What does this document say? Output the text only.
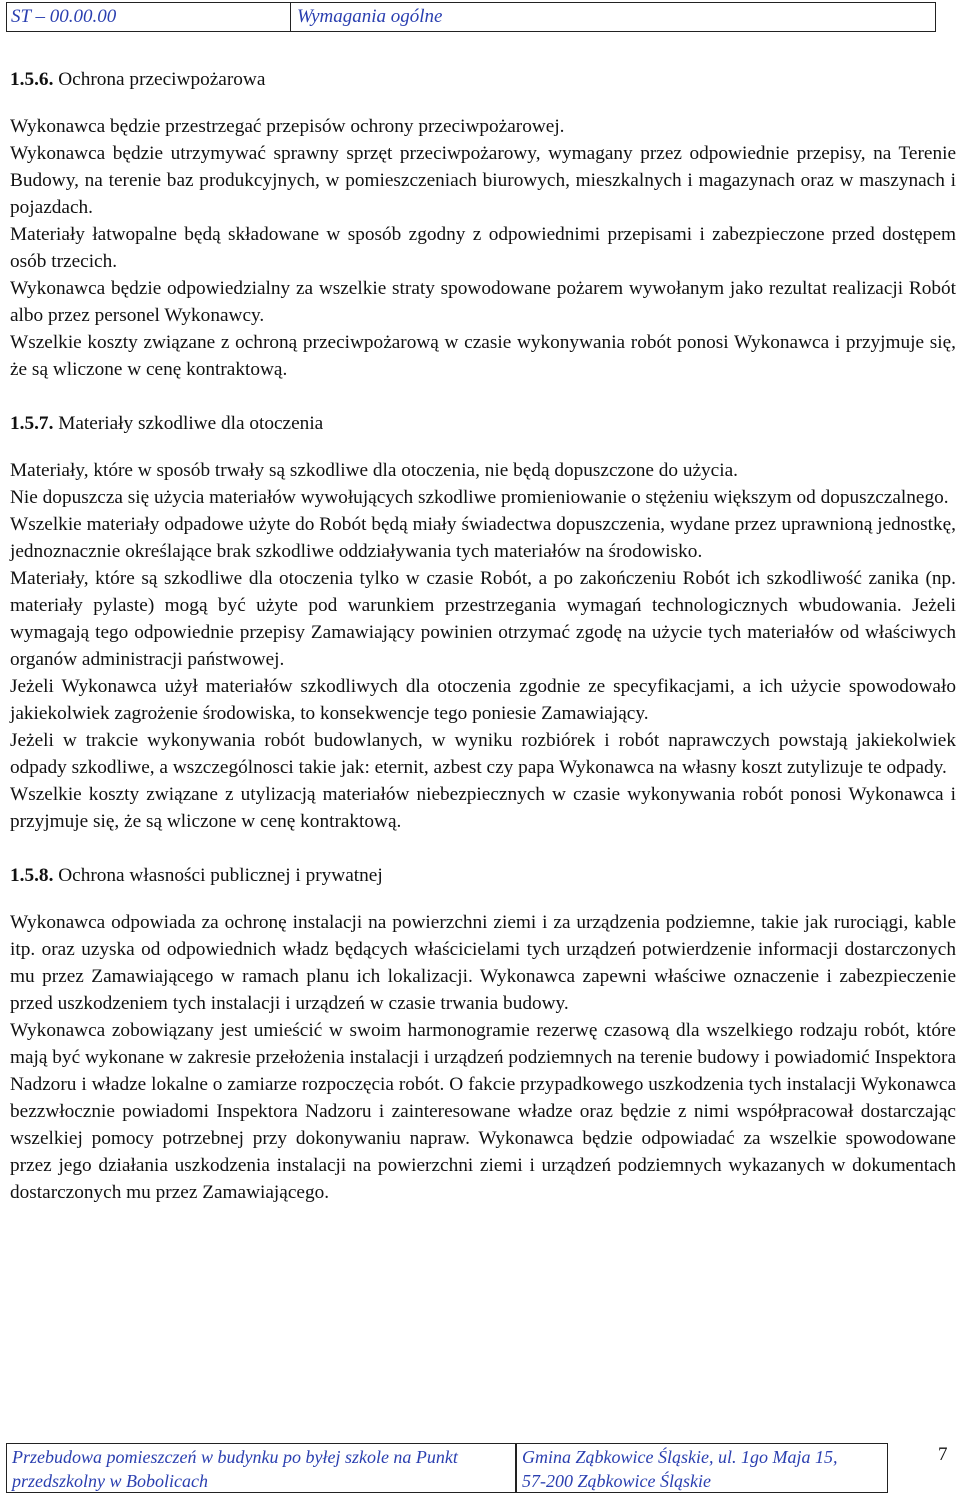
ST – 00.00.00	Wymagania ogólne

1.5.6. Ochrona przeciwpożarowa

Wykonawca będzie przestrzegać przepisów ochrony przeciwpożarowej.

Wykonawca będzie utrzymywać sprawny sprzęt przeciwpożarowy, wymagany przez odpowiednie przepisy, na Terenie Budowy, na terenie baz produkcyjnych, w pomieszczeniach biurowych, mieszkalnych i magazynach oraz w maszynach i pojazdach.

Materiały łatwopalne będą składowane w sposób zgodny z odpowiednimi przepisami i zabezpieczone przed dostępem osób trzecich.

Wykonawca będzie odpowiedzialny za wszelkie straty spowodowane pożarem wywołanym jako rezultat realizacji Robót albo przez personel Wykonawcy.

Wszelkie koszty związane z ochroną przeciwpożarową w czasie wykonywania robót ponosi Wykonawca i przyjmuje się, że są wliczone w cenę kontraktową.

1.5.7. Materiały szkodliwe dla otoczenia

Materiały, które w sposób trwały są szkodliwe dla otoczenia, nie będą dopuszczone do użycia.

Nie dopuszcza się użycia materiałów wywołujących szkodliwe promieniowanie o stężeniu większym od dopuszczalnego.

Wszelkie materiały odpadowe użyte do Robót będą miały świadectwa dopuszczenia, wydane przez uprawnioną jednostkę, jednoznacznie określające brak szkodliwe oddziaływania tych materiałów na środowisko.

Materiały, które są szkodliwe dla otoczenia tylko w czasie Robót, a po zakończeniu Robót ich szkodliwość zanika (np. materiały pylaste) mogą być użyte pod warunkiem przestrzegania wymagań technologicznych wbudowania. Jeżeli wymagają tego odpowiednie przepisy Zamawiający powinien otrzymać zgodę na użycie tych materiałów od właściwych organów administracji państwowej.

Jeżeli Wykonawca użył materiałów szkodliwych dla otoczenia zgodnie ze specyfikacjami, a ich użycie spowodowało jakiekolwiek zagrożenie środowiska, to konsekwencje tego poniesie Zamawiający.

Jeżeli w trakcie wykonywania robót budowlanych, w wyniku rozbiórek i robót naprawczych powstają jakiekolwiek odpady szkodliwe, a wszczególnosci takie jak: eternit, azbest czy papa Wykonawca na własny koszt zutylizuje te odpady.

Wszelkie koszty związane z utylizacją materiałów niebezpiecznych w czasie wykonywania robót ponosi Wykonawca i przyjmuje się, że są wliczone w cenę kontraktową.

1.5.8. Ochrona własności publicznej i prywatnej

Wykonawca odpowiada za ochronę instalacji na powierzchni ziemi i za urządzenia podziemne, takie jak rurociągi, kable itp. oraz uzyska od odpowiednich władz będących właścicielami tych urządzeń potwierdzenie informacji dostarczonych mu przez Zamawiającego w ramach planu ich lokalizacji. Wykonawca zapewni właściwe oznaczenie i zabezpieczenie przed uszkodzeniem tych instalacji i urządzeń w czasie trwania budowy.

Wykonawca zobowiązany jest umieścić w swoim harmonogramie rezerwę czasową dla wszelkiego rodzaju robót, które mają być wykonane w zakresie przełożenia instalacji i urządzeń podziemnych na terenie budowy i powiadomić Inspektora Nadzoru i władze lokalne o zamiarze rozpoczęcia robót. O fakcie przypadkowego uszkodzenia tych instalacji Wykonawca bezzwłocznie powiadomi Inspektora Nadzoru i zainteresowane władze oraz będzie z nimi współpracował dostarczając wszelkiej pomocy potrzebnej przy dokonywaniu napraw. Wykonawca będzie odpowiadać za wszelkie spowodowane przez jego działania uszkodzenia instalacji na powierzchni ziemi i urządzeń podziemnych wykazanych w dokumentach dostarczonych mu przez Zamawiającego.

Przebudowa pomieszczeń w budynku po byłej szkole na Punkt
przedszkolny w Bobolicach
Gmina Ząbkowice Śląskie, ul. 1go Maja 15,
57-200 Ząbkowice Śląskie
7
